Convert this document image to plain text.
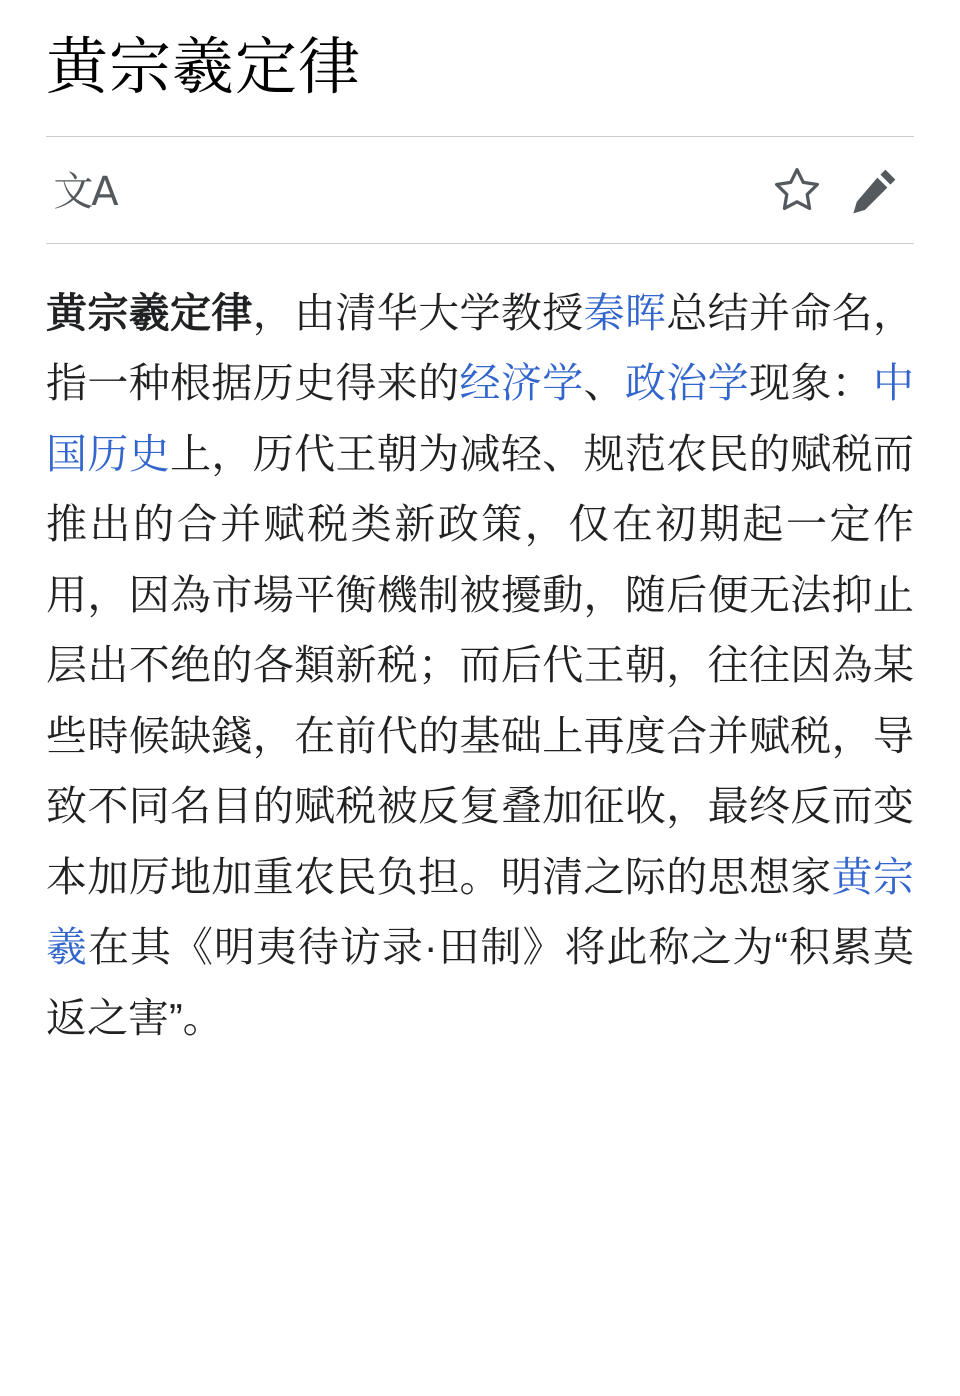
黄宗羲定律
文A

黄宗羲定律，由清华大学教授秦晖总结并命名，指一种根据历史得来的经济学、政治学现象：中国历史上，历代王朝为减轻、规范农民的赋税而推出的合并赋税类新政策，仅在初期起一定作用，因為市場平衡機制被擾動，随后便无法抑止层出不绝的各類新税；而后代王朝，往往因為某些時候缺錢，在前代的基础上再度合并赋税，导致不同名目的赋税被反复叠加征收，最终反而变本加厉地加重农民负担。明清之际的思想家黄宗羲在其《明夷待访录·田制》将此称之为“积累莫返之害”。
